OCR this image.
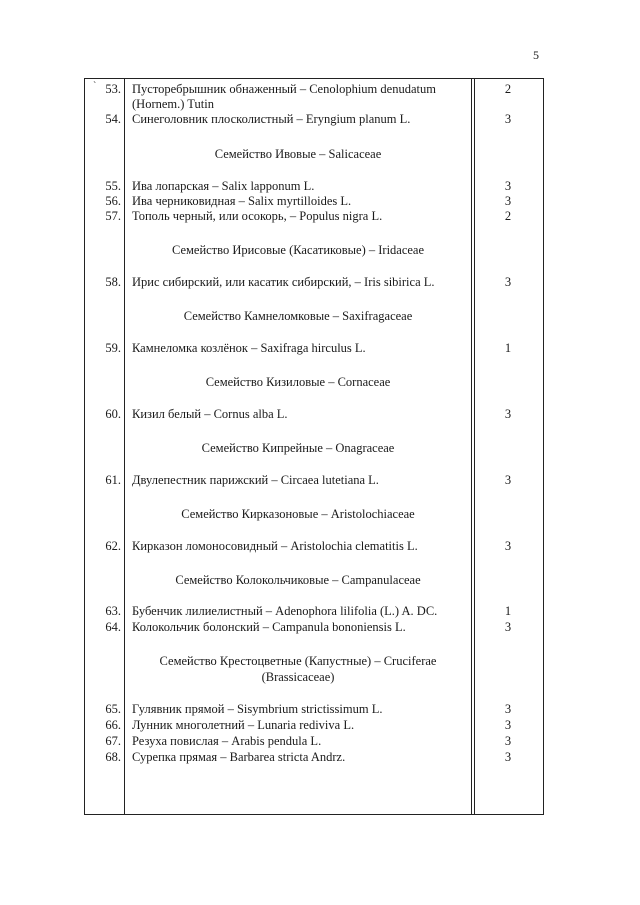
5
` 53. Пусторебрышник обнаженный – Cenolophium denudatum	2
(Hornem.) Tutin
54. Синеголовник плосколистный – Eryngium planum L.	3
Семейство Ивовые – Salicaceae
55. Ива лопарская – Salix lapponum L.	3
56. Ива черниковидная – Salix myrtilloides L.	3
57. Тополь черный, или осокорь, – Populus nigra L.	2
Семейство Ирисовые (Касатиковые) – Iridaceae
58. Ирис сибирский, или касатик сибирский, – Iris sibirica L.	3
Семейство Камнеломковые – Saxifragaceae
59. Камнеломка козлёнок – Saxifraga hirculus L.	1
Семейство Кизиловые – Cornaceae
60. Кизил белый – Cornus alba L.	3
Семейство Кипрейные – Onagraceae
61. Двулепестник парижский – Circaea lutetiana L.	3
Семейство Кирказоновые – Aristolochiaceae
62. Кирказон ломоносовидный – Aristolochia clematitis L.	3
Семейство Колокольчиковые – Campanulaceae
63. Бубенчик лилиелистный – Adenophora lilifolia (L.) A. DC.	1
64. Колокольчик болонский – Campanula bononiensis L.	3
Семейство Крестоцветные (Капустные) – Cruciferae
(Brassicaceae)
65. Гулявник прямой – Sisymbrium strictissimum L.	3
66. Лунник многолетний – Lunaria rediviva L.	3
67. Резуха повислая – Arabis pendula L.	3
68. Сурепка прямая – Barbarea stricta Andrz.	3
